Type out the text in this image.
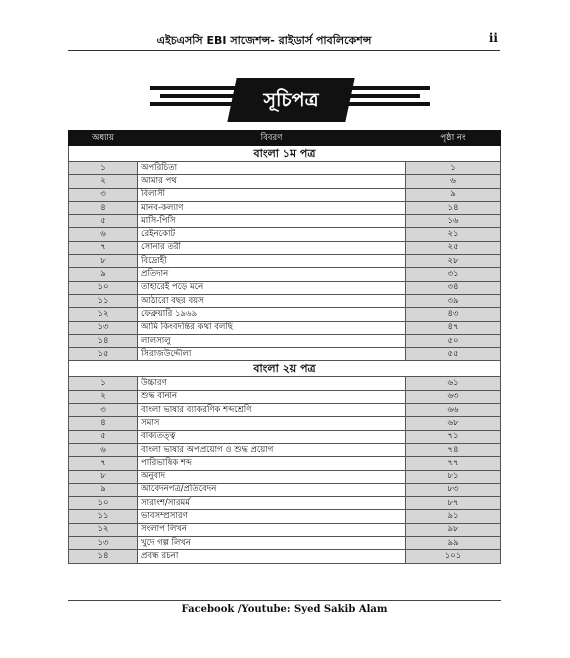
এইচএসসি EBI সাজেশন্স- রাইডার্স পাবলিকেশন্স	ii
সূচিপত্র
অধ্যায়	বিবরণ	পৃষ্ঠা নং
বাংলা ১ম পত্র		
১	অপরিচিতা	১
২	আমার পথ	৬
৩	বিলাসী	৯
৪	মানব-কল্যাণ	১৪
৫	মাসি-পিসি	১৬
৬	রেইনকোট	২১
৭	সোনার তরী	২৫
৮	বিদ্রোহী	২৮
৯	প্রতিদান	৩১
১০	তাহারেই পড়ে মনে	৩৪
১১	আঠারো বছর বয়স	৩৯
১২	ফেব্রুয়ারি ১৯৬৯	৪৩
১৩	আমি কিংবদন্তির কথা বলছি	৪৭
১৪	লালসালু	৫০
১৫	সিরাজউদ্দৌলা	৫৫
বাংলা ২য় পত্র		
১	উচ্চারণ	৬১
২	শুদ্ধ বানান	৬৩
৩	বাংলা ভাষার ব্যাকরণিক শব্দশ্রেণি	৬৬
৪	সমাস	৬৮
৫	বাক্যতত্ত্ব	৭১
৬	বাংলা ভাষার অপপ্রয়োগ ও শুদ্ধ প্রয়োগ	৭৪
৭	পারিভাষিক শব্দ	৭৭
৮	অনুবাদ	৮১
৯	আবেদনপত্র/প্রতিবেদন	৮৩
১০	সারাংশ/সারমর্ম	৮৭
১১	ভাবসম্প্রসারণ	৯১
১২	সংলাপ লিখন	৯৮
১৩	খুদে গল্প লিখন	৯৯
১৪	প্রবন্ধ রচনা	১০১
Facebook /Youtube: Syed Sakib Alam
